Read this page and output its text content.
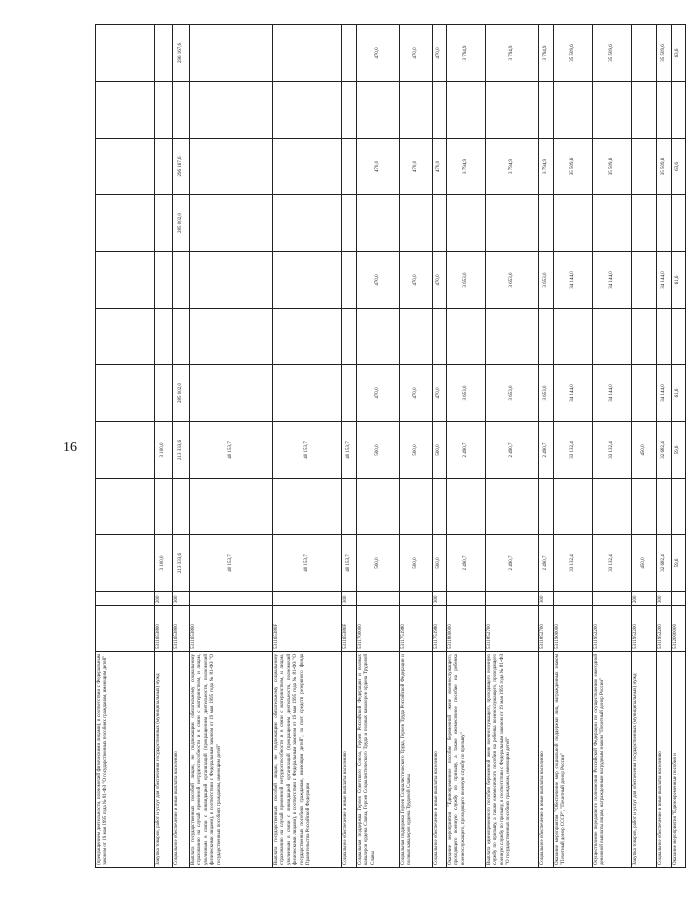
16
(прекращением деятельности, полномочий физическими лицами), в соответствии с Федеральным законом от 19 мая 1995 года № 81-ФЗ "О государственных пособиях гражданам, имеющим детей"												
Закупка товаров, работ и услуг для обеспечения государственных (муниципальных) нужд	5311653800	200	3 100,0		3 100,0							
Социальное обеспечение и иные выплаты населению	5311653800	300	213 333,6		213 333,6	285 002,0			285 002,0	296 167,6		296 167,6
Выплата государственных пособий лицам, не подлежащим обязательному социальному страхованию на случай временной нетрудоспособности и в связи с материнством, и лицам, уволенным в связи с ликвидацией организаций (прекращением деятельности, полномочий физическими лицами), в соответствии с Федеральным законом от 19 мая 1995 года № 81-ФЗ "О государственных пособиях гражданам, имеющим детей"	5311653800		40 153,7		40 153,7							
Выплата государственных пособий лицам, не подлежащим обязательному социальному страхованию на случай временной нетрудоспособности и в связи с материнством, и лицам, уволенным в связи с ликвидацией организаций (прекращением деятельности, полномочий физическими лицами), в соответствии с Федеральным законом от 19 мая 1995 года № 81-ФЗ "О государственных пособиях гражданам, имеющим детей", за счет средств резервного фонда Правительства Российской Федерации	531165380F		40 153,7		40 153,7							
Социальное обеспечение и иные выплаты населению	531165380F	300	40 153,7		40 153,7							
Социальная поддержка Героев Советского Союза, Героев Российской Федерации и полных кавалеров ордена Славы, Героев Социалистического Труда и полных кавалеров ордена Трудовой Славы	5311700000		500,0		500,0	470,0		470,0		470,0		470,0
Социальная поддержка Героев Социалистического Труда, Героев Труда Российской Федерации и полных кавалеров ордена Трудовой Славы	5311751980		500,0		500,0	470,0		470,0		470,0		470,0
Социальное обеспечение и иные выплаты населению	5311751980	300	500,0		500,0	470,0		470,0		470,0		470,0
Оказание мероприятия "Единовременное пособие беременной жене военнослужащего, проходящего военную службу по призыву, а также ежемесячное пособие на ребенка военнослужащего, проходящего военную службу по призыву"	5311800000		2 490,7		2 490,7	3 653,0		3 653,0		3 794,9		3 794,9
Выплата единовременного пособия беременной жене военнослужащего, проходящего военную службу по призыву, а также ежемесячного пособия на ребенка военнослужащего, проходящего военную службу по призыву, в соответствии с Федеральным законом от 19 мая 1995 года № 81-ФЗ "О государственных пособиях гражданам, имеющим детей"	5311852700		2 490,7		2 490,7	3 653,0		3 653,0		3 794,9		3 794,9
Социальное обеспечение и иные выплаты населению	5311852700	300	2 490,7		2 490,7	3 653,0		3 653,0		3 794,9		3 794,9
Оказание мероприятия "Обеспечение мер социальной поддержки лиц, награжденных знаком "Почетный донор СССР", "Почетный донор России"	5311900000		33 132,4		33 132,4	34 144,0		34 144,0		35 509,6		35 509,6
Осуществление переданного полномочия Российской Федерации по осуществлению ежегодной денежной выплаты лицам, награжденным нагрудным знаком "Почетный донор России"	5311952200		33 132,4		33 132,4	34 144,0		34 144,0		35 509,6		35 509,6
Закупка товаров, работ и услуг для обеспечения государственных (муниципальных) нужд	5311952200	200	450,0		450,0							
Социальное обеспечение и иные выплаты населению	5311952200	300	32 682,4		32 682,4	34 144,0		34 144,0		35 509,6		35 509,6
Оказание мероприятия "Единовременные пособия и	5312000000		59,6		59,6	61,6		61,6		63,6		63,6
